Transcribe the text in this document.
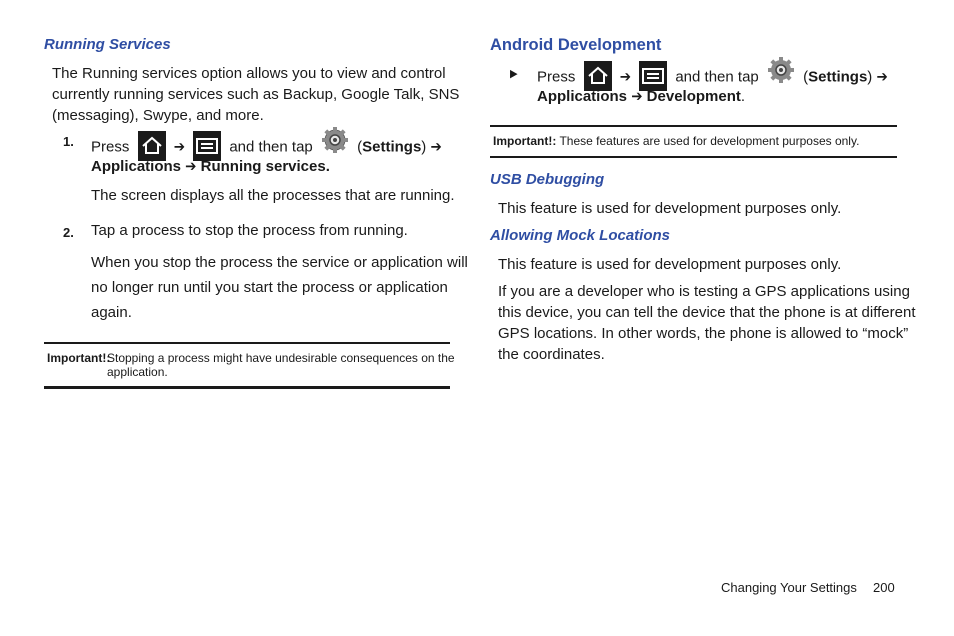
Running Services
The Running services option allows you to view and control
currently running services such as Backup, Google Talk, SNS
(messaging), Swype, and more.
1. Press	➔	and then tap	(Settings) ➔
Applications ➔ Running services.
The screen displays all the processes that are running.
2. Tap a process to stop the process from running.
When you stop the process the service or application will
no longer run until you start the process or application
again.
Important!:
Stopping a process might have undesirable consequences on the
application.
Android Development
▶ Press	➔	and then tap	(Settings) ➔
Applications ➔ Development.
Important!: These features are used for development purposes only.
USB Debugging
This feature is used for development purposes only.
Allowing Mock Locations
This feature is used for development purposes only.
If you are a developer who is testing a GPS applications using
this device, you can tell the device that the phone is at different
GPS locations. In other words, the phone is allowed to “mock”
the coordinates.
Changing Your Settings 200
